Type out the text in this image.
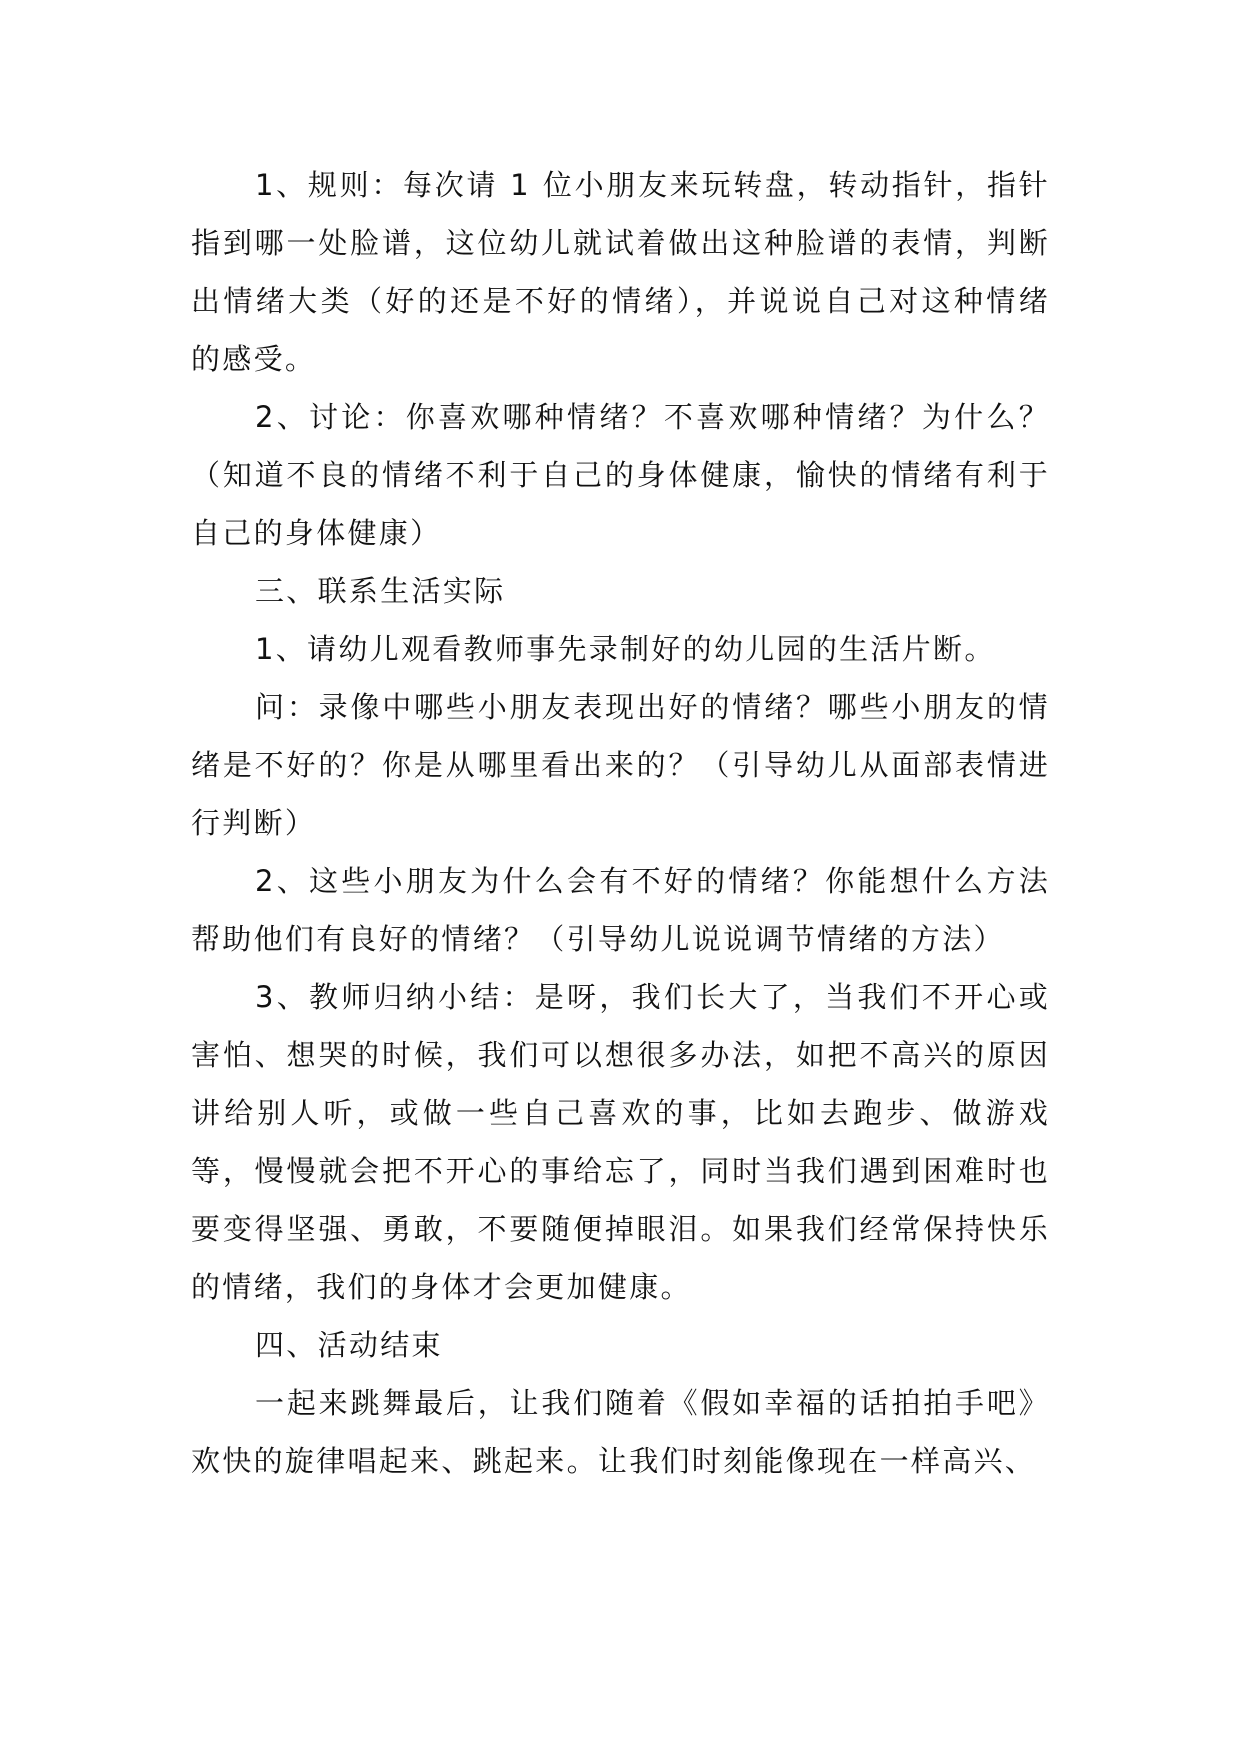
1、规则：每次请 1 位小朋友来玩转盘，转动指针，指针指到哪一处脸谱，这位幼儿就试着做出这种脸谱的表情，判断出情绪大类（好的还是不好的情绪），并说说自己对这种情绪的感受。

2、讨论：你喜欢哪种情绪？不喜欢哪种情绪？为什么？（知道不良的情绪不利于自己的身体健康，愉快的情绪有利于自己的身体健康）

三、联系生活实际

1、请幼儿观看教师事先录制好的幼儿园的生活片断。

问：录像中哪些小朋友表现出好的情绪？哪些小朋友的情绪是不好的？你是从哪里看出来的？（引导幼儿从面部表情进行判断）

2、这些小朋友为什么会有不好的情绪？你能想什么方法帮助他们有良好的情绪？（引导幼儿说说调节情绪的方法）

3、教师归纳小结：是呀，我们长大了，当我们不开心或害怕、想哭的时候，我们可以想很多办法，如把不高兴的原因讲给别人听，或做一些自己喜欢的事，比如去跑步、做游戏等，慢慢就会把不开心的事给忘了，同时当我们遇到困难时也要变得坚强、勇敢，不要随便掉眼泪。如果我们经常保持快乐的情绪，我们的身体才会更加健康。

四、活动结束

一起来跳舞最后，让我们随着《假如幸福的话拍拍手吧》欢快的旋律唱起来、跳起来。让我们时刻能像现在一样高兴、
